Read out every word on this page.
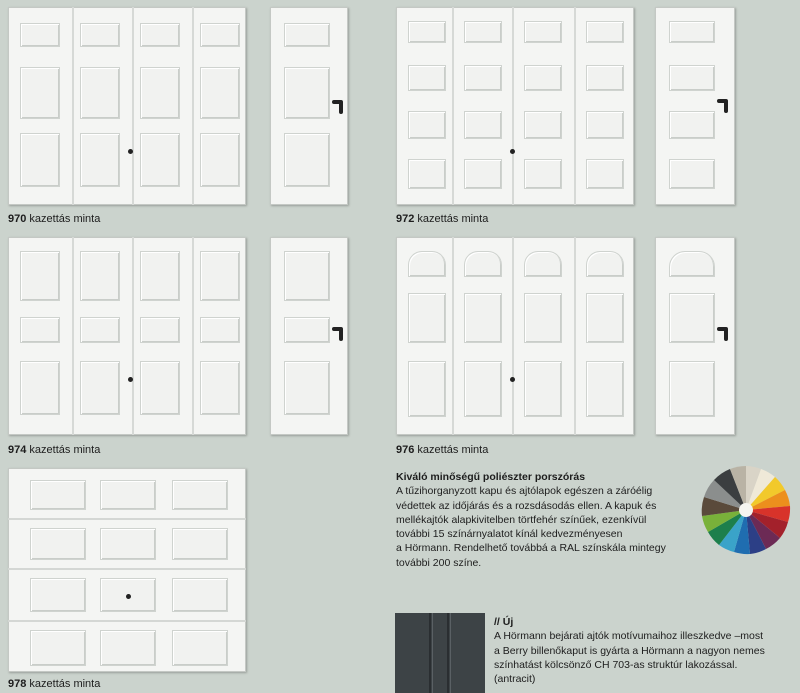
970 kazettás minta	972 kazettás minta
974 kazettás minta	976 kazettás minta
978 kazettás minta
Kiváló minőségű poliészter porszórás
A tűzihorganyzott kapu és ajtólapok egészen a záróélig
védettek az időjárás és a rozsdásodás ellen. A kapuk és
mellékajtók alapkivitelben törtfehér színűek, ezenkívül
további 15 színárnyalatot kínál kedvezményesen
a Hörmann. Rendelhető továbbá a RAL színskála mintegy
további 200 színe.
// Új
A Hörmann bejárati ajtók motívumaihoz illeszkedve –most
a Berry billenőkaput is gyárta a Hörmann a nagyon nemes
színhatást kölcsönző CH 703-as struktúr lakozással.
(antracit)
